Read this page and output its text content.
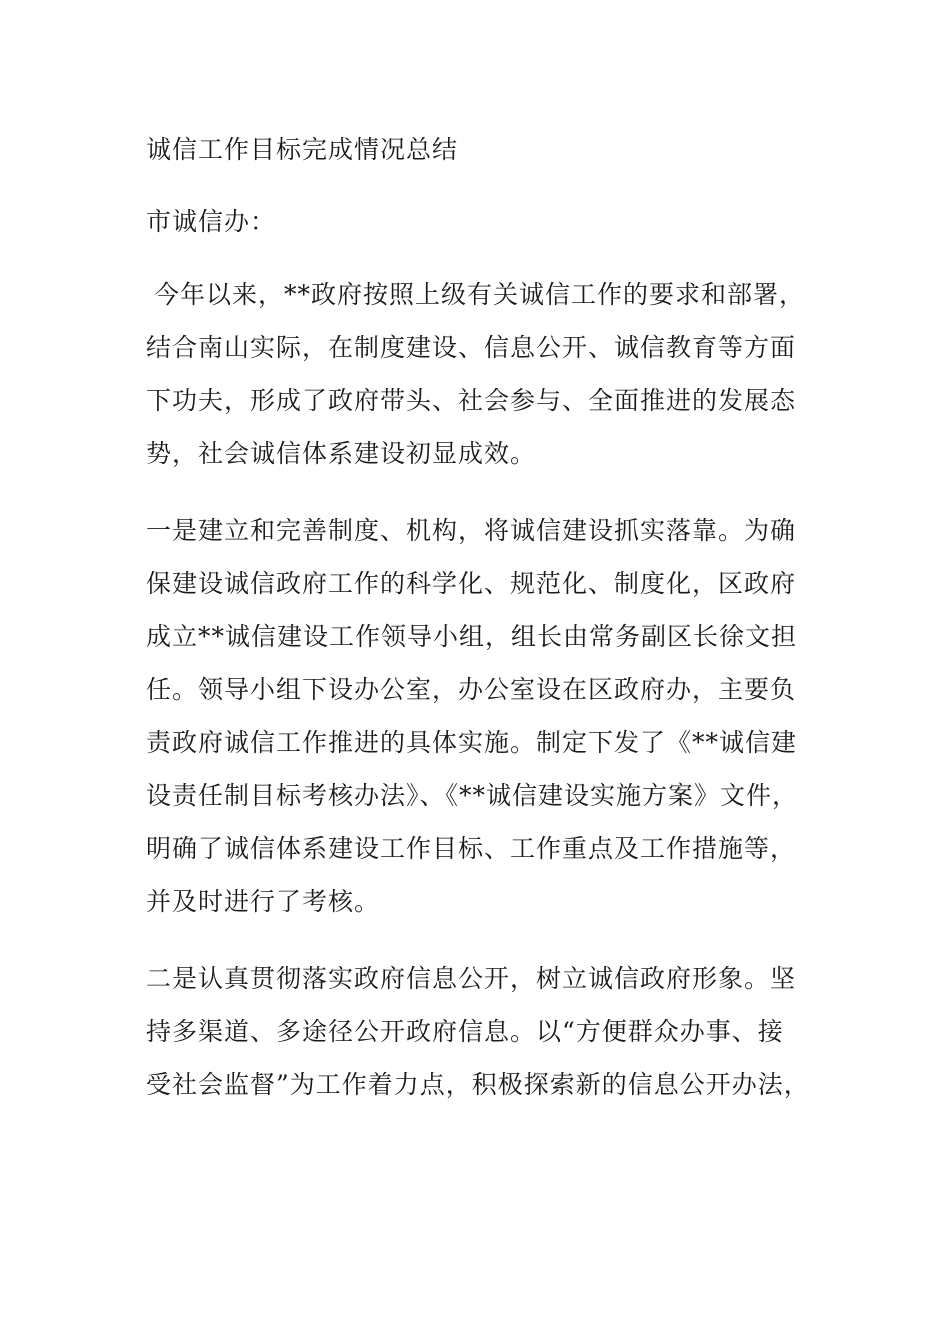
诚信工作目标完成情况总结
市诚信办：
今年以来，**政府按照上级有关诚信工作的要求和部署，
结合南山实际，在制度建设、信息公开、诚信教育等方面
下功夫，形成了政府带头、社会参与、全面推进的发展态
势，社会诚信体系建设初显成效。
一是建立和完善制度、机构，将诚信建设抓实落靠。为确
保建设诚信政府工作的科学化、规范化、制度化，区政府
成立**诚信建设工作领导小组，组长由常务副区长徐文担
任。领导小组下设办公室，办公室设在区政府办，主要负
责政府诚信工作推进的具体实施。制定下发了《**诚信建
设责任制目标考核办法》、《**诚信建设实施方案》文件，
明确了诚信体系建设工作目标、工作重点及工作措施等，
并及时进行了考核。
二是认真贯彻落实政府信息公开，树立诚信政府形象。坚
持多渠道、多途径公开政府信息。以“方便群众办事、接
受社会监督”为工作着力点，积极探索新的信息公开办法，
